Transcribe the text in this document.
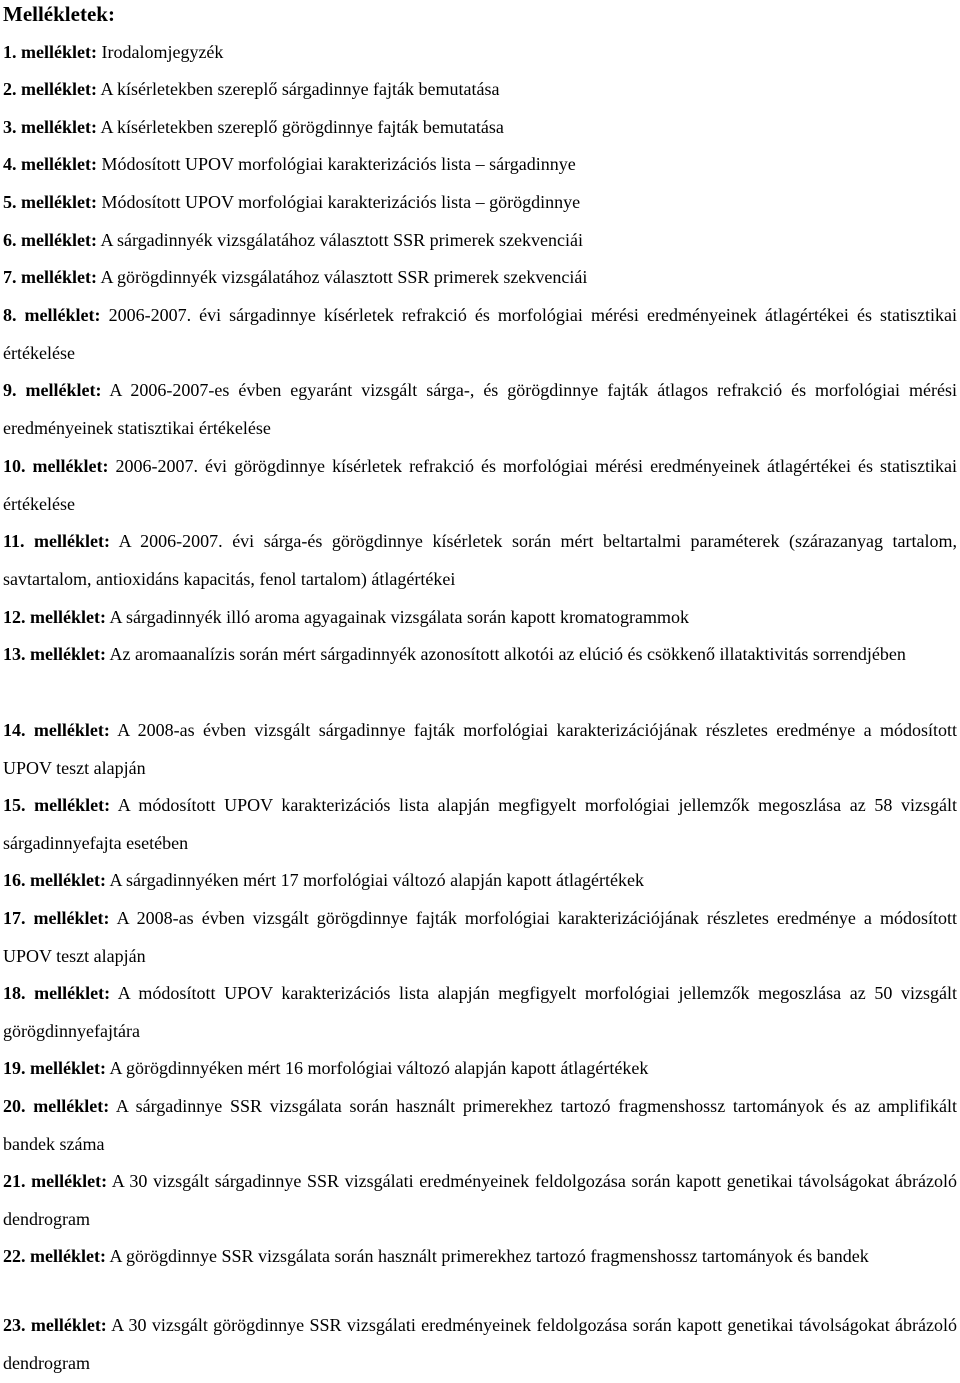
Mellékletek:

1. melléklet: Irodalomjegyzék

2. melléklet: A kísérletekben szereplő sárgadinnye fajták bemutatása

3. melléklet: A kísérletekben szereplő görögdinnye fajták bemutatása

4. melléklet: Módosított UPOV morfológiai karakterizációs lista – sárgadinnye

5. melléklet: Módosított UPOV morfológiai karakterizációs lista – görögdinnye

6. melléklet: A sárgadinnyék vizsgálatához választott SSR primerek szekvenciái

7. melléklet: A görögdinnyék vizsgálatához választott SSR primerek szekvenciái

8. melléklet: 2006-2007. évi sárgadinnye kísérletek refrakció és morfológiai mérési eredményeinek átlagértékei és statisztikai értékelése

9. melléklet: A 2006-2007-es évben egyaránt vizsgált sárga-, és görögdinnye fajták átlagos refrakció és morfológiai mérési eredményeinek statisztikai értékelése

10. melléklet: 2006-2007. évi görögdinnye kísérletek refrakció és morfológiai mérési eredményeinek átlagértékei és statisztikai értékelése

11. melléklet: A 2006-2007. évi sárga-és görögdinnye kísérletek során mért beltartalmi paraméterek (szárazanyag tartalom, savtartalom, antioxidáns kapacitás, fenol tartalom) átlagértékei

12. melléklet: A sárgadinnyék illó aroma agyagainak vizsgálata során kapott kromatogrammok

13. melléklet: Az aromaanalízis során mért sárgadinnyék azonosított alkotói az elúció és csökkenő illataktivitás sorrendjében

14. melléklet: A 2008-as évben vizsgált sárgadinnye fajták morfológiai karakterizációjának részletes eredménye a módosított UPOV teszt alapján

15. melléklet: A módosított UPOV karakterizációs lista alapján megfigyelt morfológiai jellemzők megoszlása az 58 vizsgált sárgadinnyefajta esetében

16. melléklet: A sárgadinnyéken mért 17 morfológiai változó alapján kapott átlagértékek

17. melléklet: A 2008-as évben vizsgált görögdinnye fajták morfológiai karakterizációjának részletes eredménye a módosított UPOV teszt alapján

18. melléklet: A módosított UPOV karakterizációs lista alapján megfigyelt morfológiai jellemzők megoszlása az 50 vizsgált görögdinnyefajtára

19. melléklet: A görögdinnyéken mért 16 morfológiai változó alapján kapott átlagértékek

20. melléklet: A sárgadinnye SSR vizsgálata során használt primerekhez tartozó fragmenshossz tartományok és az amplifikált bandek száma

21. melléklet: A 30 vizsgált sárgadinnye SSR vizsgálati eredményeinek feldolgozása során kapott genetikai távolságokat ábrázoló dendrogram

22. melléklet: A görögdinnye SSR vizsgálata során használt primerekhez tartozó fragmenshossz tartományok és bandek

23. melléklet: A 30 vizsgált görögdinnye SSR vizsgálati eredményeinek feldolgozása során kapott genetikai távolságokat ábrázoló dendrogram
